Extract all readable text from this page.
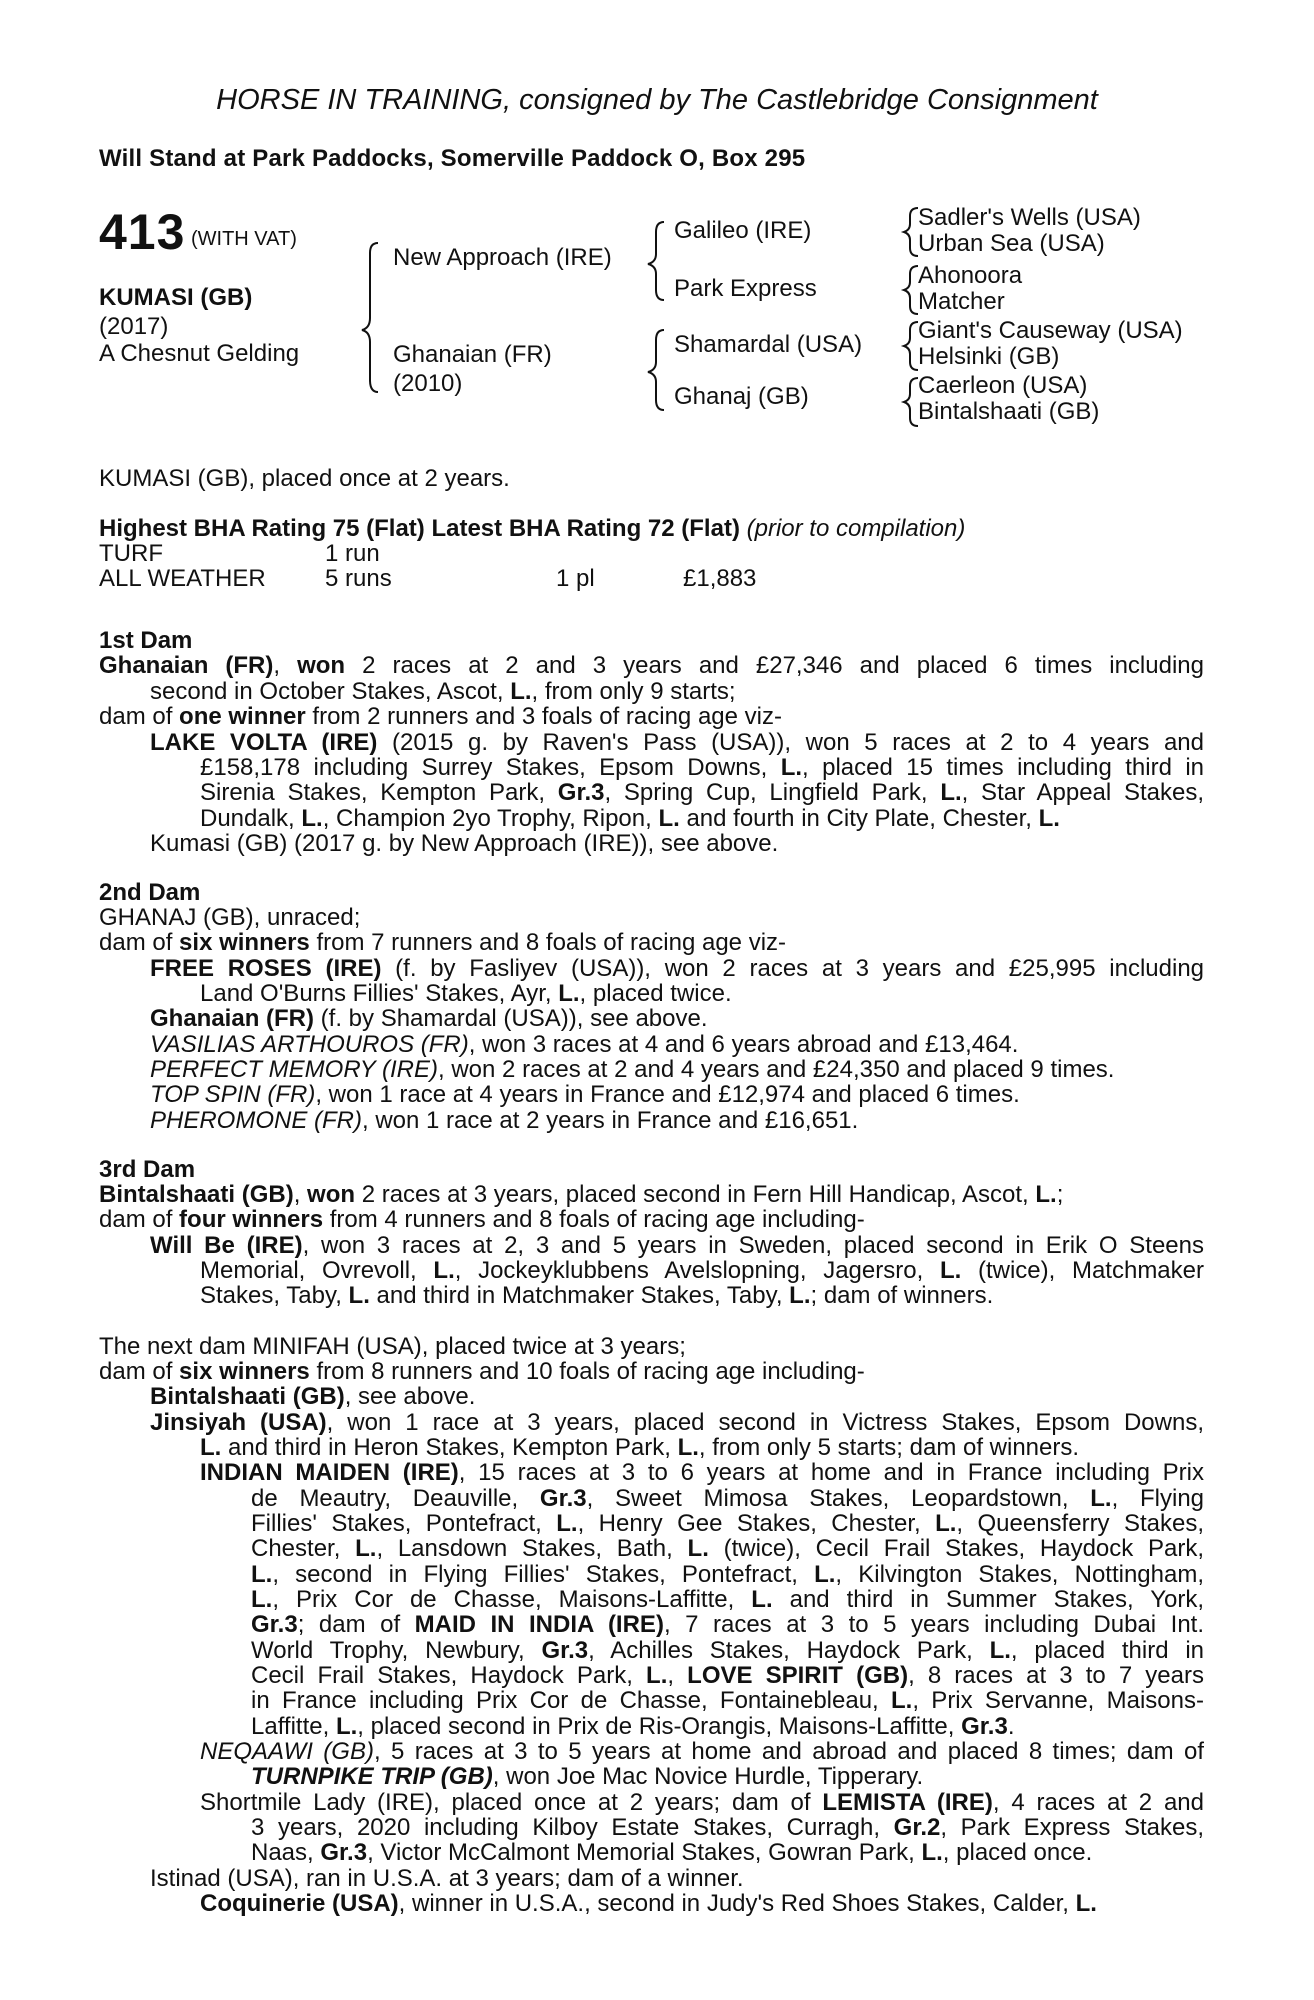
HORSE IN TRAINING, consigned by The Castlebridge Consignment
Will Stand at Park Paddocks, Somerville Paddock O, Box 295
413 (WITH VAT)
KUMASI (GB)
(2017)
A Chesnut Gelding
New Approach (IRE)
Ghanaian (FR)
(2010)
Galileo (IRE)
Park Express
Shamardal (USA)
Ghanaj (GB)
Sadler's Wells (USA)
Urban Sea (USA)
Ahonoora
Matcher
Giant's Causeway (USA)
Helsinki (GB)
Caerleon (USA)
Bintalshaati (GB)
KUMASI (GB), placed once at 2 years.
Highest BHA Rating 75 (Flat) Latest BHA Rating 72 (Flat) (prior to compilation)
TURF	1 run
ALL WEATHER 5 runs	1 pl	£1,883
1st Dam
Ghanaian (FR), won 2 races at 2 and 3 years and £27,346 and placed 6 times including
second in October Stakes, Ascot, L., from only 9 starts;
dam of one winner from 2 runners and 3 foals of racing age viz-
LAKE VOLTA (IRE) (2015 g. by Raven's Pass (USA)), won 5 races at 2 to 4 years and
£158,178 including Surrey Stakes, Epsom Downs, L., placed 15 times including third in
Sirenia Stakes, Kempton Park, Gr.3, Spring Cup, Lingfield Park, L., Star Appeal Stakes,
Dundalk, L., Champion 2yo Trophy, Ripon, L. and fourth in City Plate, Chester, L.
Kumasi (GB) (2017 g. by New Approach (IRE)), see above.
2nd Dam
GHANAJ (GB), unraced;
dam of six winners from 7 runners and 8 foals of racing age viz-
FREE ROSES (IRE) (f. by Fasliyev (USA)), won 2 races at 3 years and £25,995 including
Land O'Burns Fillies' Stakes, Ayr, L., placed twice.
Ghanaian (FR) (f. by Shamardal (USA)), see above.
VASILIAS ARTHOUROS (FR), won 3 races at 4 and 6 years abroad and £13,464.
PERFECT MEMORY (IRE), won 2 races at 2 and 4 years and £24,350 and placed 9 times.
TOP SPIN (FR), won 1 race at 4 years in France and £12,974 and placed 6 times.
PHEROMONE (FR), won 1 race at 2 years in France and £16,651.
3rd Dam
Bintalshaati (GB), won 2 races at 3 years, placed second in Fern Hill Handicap, Ascot, L.;
dam of four winners from 4 runners and 8 foals of racing age including-
Will Be (IRE), won 3 races at 2, 3 and 5 years in Sweden, placed second in Erik O Steens
Memorial, Ovrevoll, L., Jockeyklubbens Avelslopning, Jagersro, L. (twice), Matchmaker
Stakes, Taby, L. and third in Matchmaker Stakes, Taby, L.; dam of winners.
The next dam MINIFAH (USA), placed twice at 3 years;
dam of six winners from 8 runners and 10 foals of racing age including-
Bintalshaati (GB), see above.
Jinsiyah (USA), won 1 race at 3 years, placed second in Victress Stakes, Epsom Downs,
L. and third in Heron Stakes, Kempton Park, L., from only 5 starts; dam of winners.
INDIAN MAIDEN (IRE), 15 races at 3 to 6 years at home and in France including Prix
de Meautry, Deauville, Gr.3, Sweet Mimosa Stakes, Leopardstown, L., Flying
Fillies' Stakes, Pontefract, L., Henry Gee Stakes, Chester, L., Queensferry Stakes,
Chester, L., Lansdown Stakes, Bath, L. (twice), Cecil Frail Stakes, Haydock Park,
L., second in Flying Fillies' Stakes, Pontefract, L., Kilvington Stakes, Nottingham,
L., Prix Cor de Chasse, Maisons-Laffitte, L. and third in Summer Stakes, York,
Gr.3; dam of MAID IN INDIA (IRE), 7 races at 3 to 5 years including Dubai Int.
World Trophy, Newbury, Gr.3, Achilles Stakes, Haydock Park, L., placed third in
Cecil Frail Stakes, Haydock Park, L., LOVE SPIRIT (GB), 8 races at 3 to 7 years
in France including Prix Cor de Chasse, Fontainebleau, L., Prix Servanne, Maisons-
Laffitte, L., placed second in Prix de Ris-Orangis, Maisons-Laffitte, Gr.3.
NEQAAWI (GB), 5 races at 3 to 5 years at home and abroad and placed 8 times; dam of
TURNPIKE TRIP (GB), won Joe Mac Novice Hurdle, Tipperary.
Shortmile Lady (IRE), placed once at 2 years; dam of LEMISTA (IRE), 4 races at 2 and
3 years, 2020 including Kilboy Estate Stakes, Curragh, Gr.2, Park Express Stakes,
Naas, Gr.3, Victor McCalmont Memorial Stakes, Gowran Park, L., placed once.
Istinad (USA), ran in U.S.A. at 3 years; dam of a winner.
Coquinerie (USA), winner in U.S.A., second in Judy's Red Shoes Stakes, Calder, L.
